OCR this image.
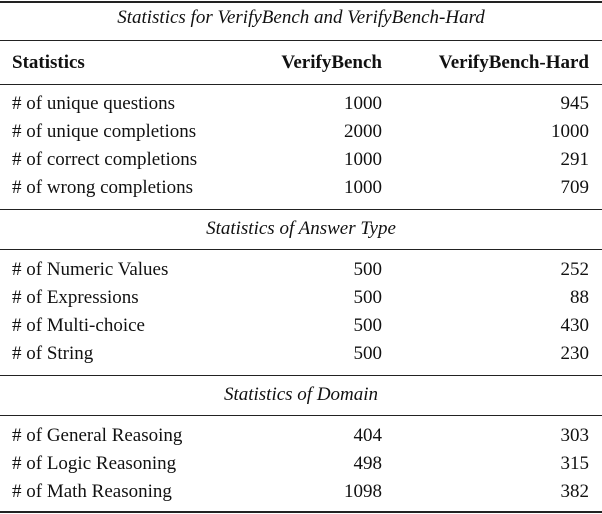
Statistics for VerifyBench and VerifyBench-Hard
Statistics	VerifyBench	VerifyBench-Hard
# of unique questions	1000	945
# of unique completions	2000	1000
# of correct completions	1000	291
# of wrong completions	1000	709
Statistics of Answer Type
# of Numeric Values	500	252
# of Expressions	500	88
# of Multi-choice	500	430
# of String	500	230
Statistics of Domain
# of General Reasoing	404	303
# of Logic Reasoning	498	315
# of Math Reasoning	1098	382
